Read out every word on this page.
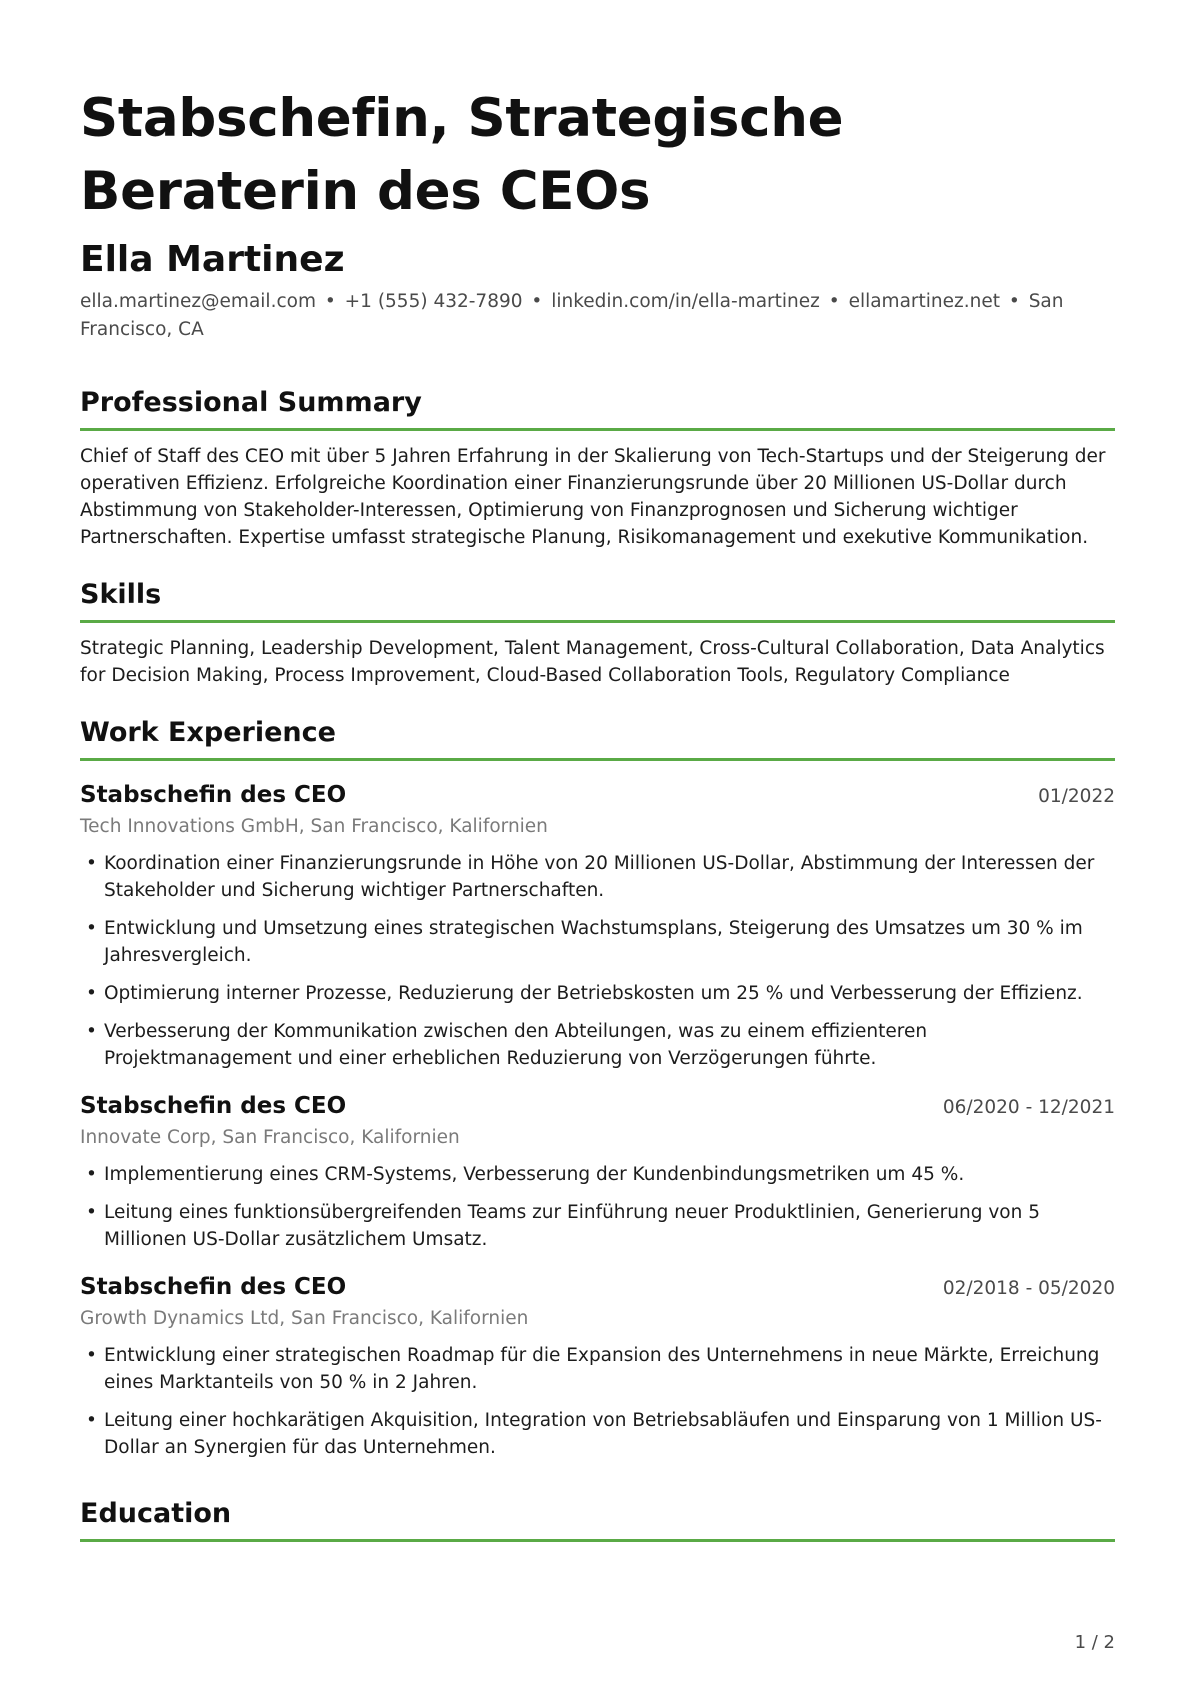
Stabschefin, Strategische Beraterin des CEOs
Ella Martinez

ella.martinez@email.com • +1 (555) 432-7890 • linkedin.com/in/ella-martinez • ellamartinez.net • San Francisco, CA

Professional Summary

Chief of Staff des CEO mit über 5 Jahren Erfahrung in der Skalierung von Tech-Startups und der Steigerung der operativen Effizienz. Erfolgreiche Koordination einer Finanzierungsrunde über 20 Millionen US-Dollar durch Abstimmung von Stakeholder-Interessen, Optimierung von Finanzprognosen und Sicherung wichtiger Partnerschaften. Expertise umfasst strategische Planung, Risikomanagement und exekutive Kommunikation.

Skills

Strategic Planning, Leadership Development, Talent Management, Cross-Cultural Collaboration, Data Analytics for Decision Making, Process Improvement, Cloud-Based Collaboration Tools, Regulatory Compliance

Work Experience
Stabschefin des CEO	01/2022
Tech Innovations GmbH, San Francisco, Kalifornien
• Koordination einer Finanzierungsrunde in Höhe von 20 Millionen US-Dollar, Abstimmung der Interessen der Stakeholder und Sicherung wichtiger Partnerschaften.
• Entwicklung und Umsetzung eines strategischen Wachstumsplans, Steigerung des Umsatzes um 30 % im Jahresvergleich.
• Optimierung interner Prozesse, Reduzierung der Betriebskosten um 25 % und Verbesserung der Effizienz.
• Verbesserung der Kommunikation zwischen den Abteilungen, was zu einem effizienteren Projektmanagement und einer erheblichen Reduzierung von Verzögerungen führte.
Stabschefin des CEO	06/2020 - 12/2021
Innovate Corp, San Francisco, Kalifornien
• Implementierung eines CRM-Systems, Verbesserung der Kundenbindungsmetriken um 45 %.
• Leitung eines funktionsübergreifenden Teams zur Einführung neuer Produktlinien, Generierung von 5 Millionen US-Dollar zusätzlichem Umsatz.
Stabschefin des CEO	02/2018 - 05/2020
Growth Dynamics Ltd, San Francisco, Kalifornien
• Entwicklung einer strategischen Roadmap für die Expansion des Unternehmens in neue Märkte, Erreichung eines Marktanteils von 50 % in 2 Jahren.
• Leitung einer hochkarätigen Akquisition, Integration von Betriebsabläufen und Einsparung von 1 Million US-Dollar an Synergien für das Unternehmen.
Education
1 / 2
